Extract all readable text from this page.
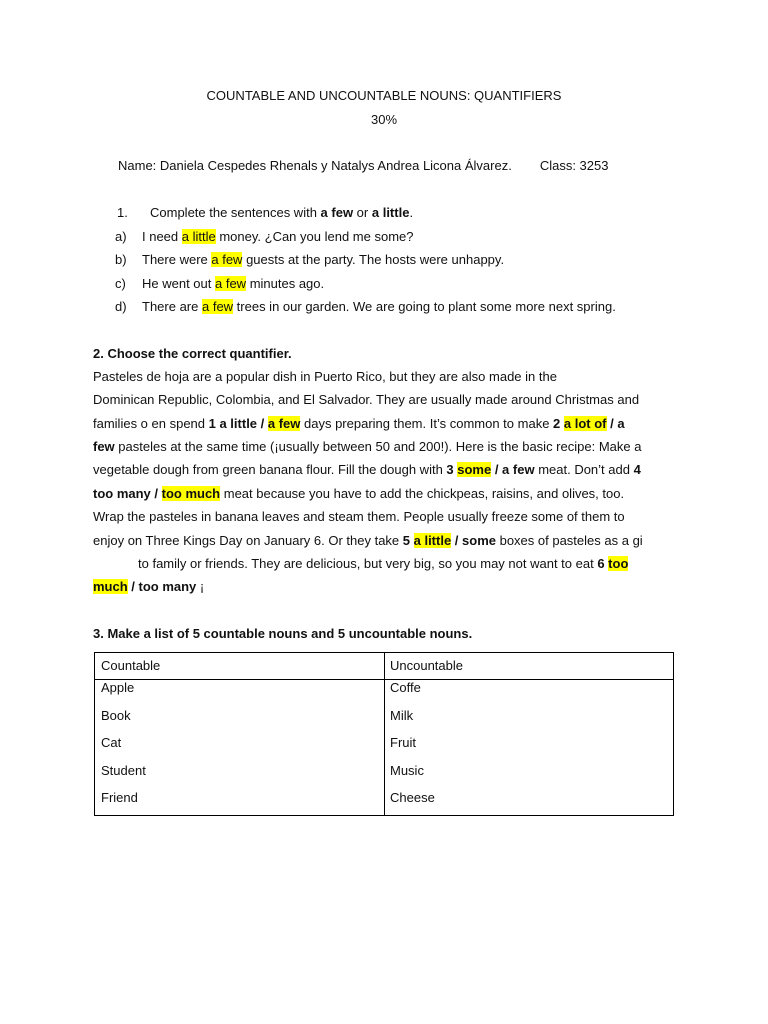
COUNTABLE AND UNCOUNTABLE NOUNS: QUANTIFIERS
30%
Name: Daniela Cespedes Rhenals y Natalys Andrea Licona Álvarez. Class: 3253
1. Complete the sentences with a few or a little.
a) I need a little money. ¿Can you lend me some?
b) There were a few guests at the party. The hosts were unhappy.
c) He went out a few minutes ago.
d) There are a few trees in our garden. We are going to plant some more next spring.
2. Choose the correct quantifier.
Pasteles de hoja are a popular dish in Puerto Rico, but they are also made in the
Dominican Republic, Colombia, and El Salvador. They are usually made around Christmas and
families o en spend 1 a little / a few days preparing them. It’s common to make 2 a lot of / a
few pasteles at the same time (¡usually between 50 and 200!). Here is the basic recipe: Make a
vegetable dough from green banana flour. Fill the dough with 3 some / a few meat. Don’t add 4
too many / too much meat because you have to add the chickpeas, raisins, and olives, too.
Wrap the pasteles in banana leaves and steam them. People usually freeze some of them to
enjoy on Three Kings Day on January 6. Or they take 5 a little / some boxes of pasteles as a gi
to family or friends. They are delicious, but very big, so you may not want to eat 6 too
much / too many ¡
3. Make a list of 5 countable nouns and 5 uncountable nouns.
Countable	Uncountable
Apple
Book
Cat
Student
Friend
Coffe
Milk
Fruit
Music
Cheese
